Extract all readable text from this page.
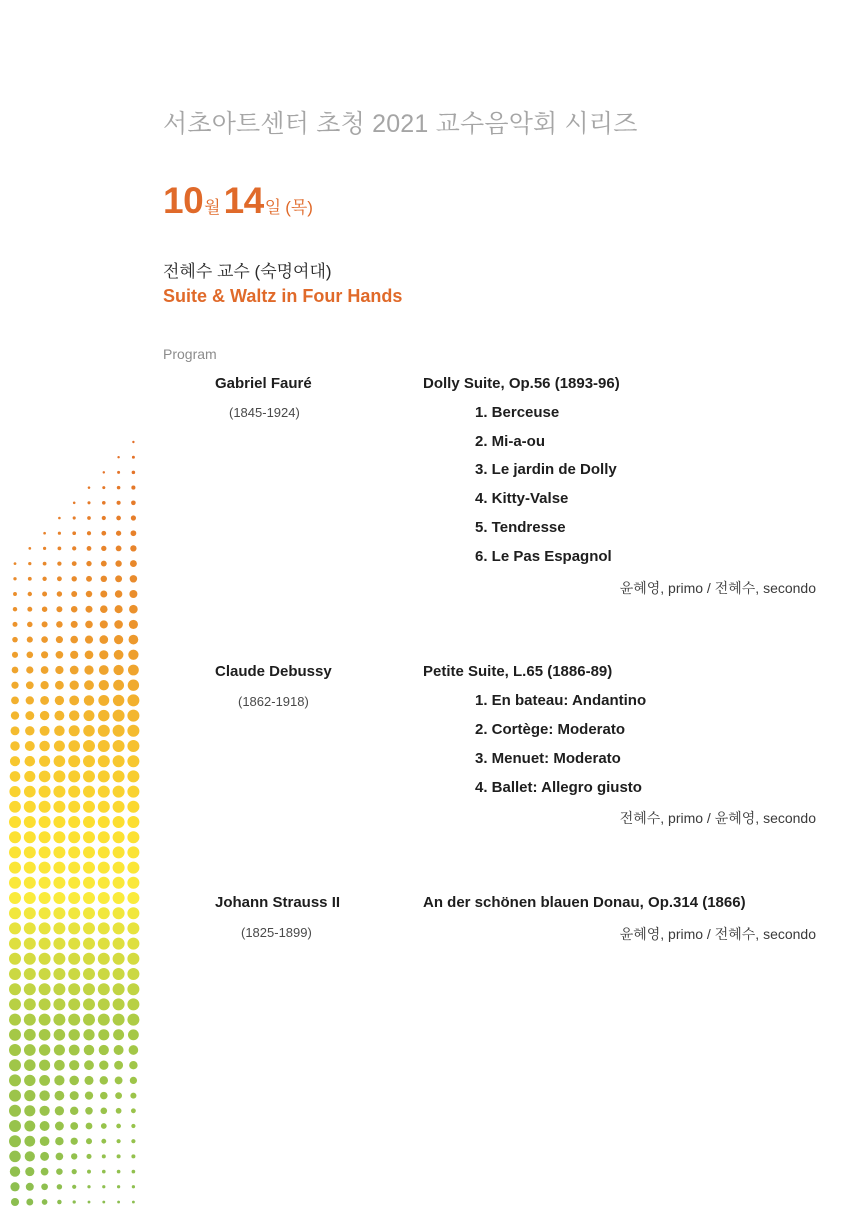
서초아트센터 초청 2021 교수음악회 시리즈
10월14일 (목)
전혜수 교수 (숙명여대)
Suite & Waltz in Four Hands
Program
Gabriel Fauré
(1845-1924)
Dolly Suite, Op.56 (1893-96)
1. Berceuse
2. Mi-a-ou
3. Le jardin de Dolly
4. Kitty-Valse
5. Tendresse
6. Le Pas Espagnol
윤혜영, primo / 전혜수, secondo
Claude Debussy
(1862-1918)
Petite Suite, L.65 (1886-89)
1. En bateau: Andantino
2. Cortège: Moderato
3. Menuet: Moderato
4. Ballet: Allegro giusto
전혜수, primo / 윤혜영, secondo
Johann Strauss II
(1825-1899)
An der schönen blauen Donau, Op.314 (1866)
윤혜영, primo / 전혜수, secondo
